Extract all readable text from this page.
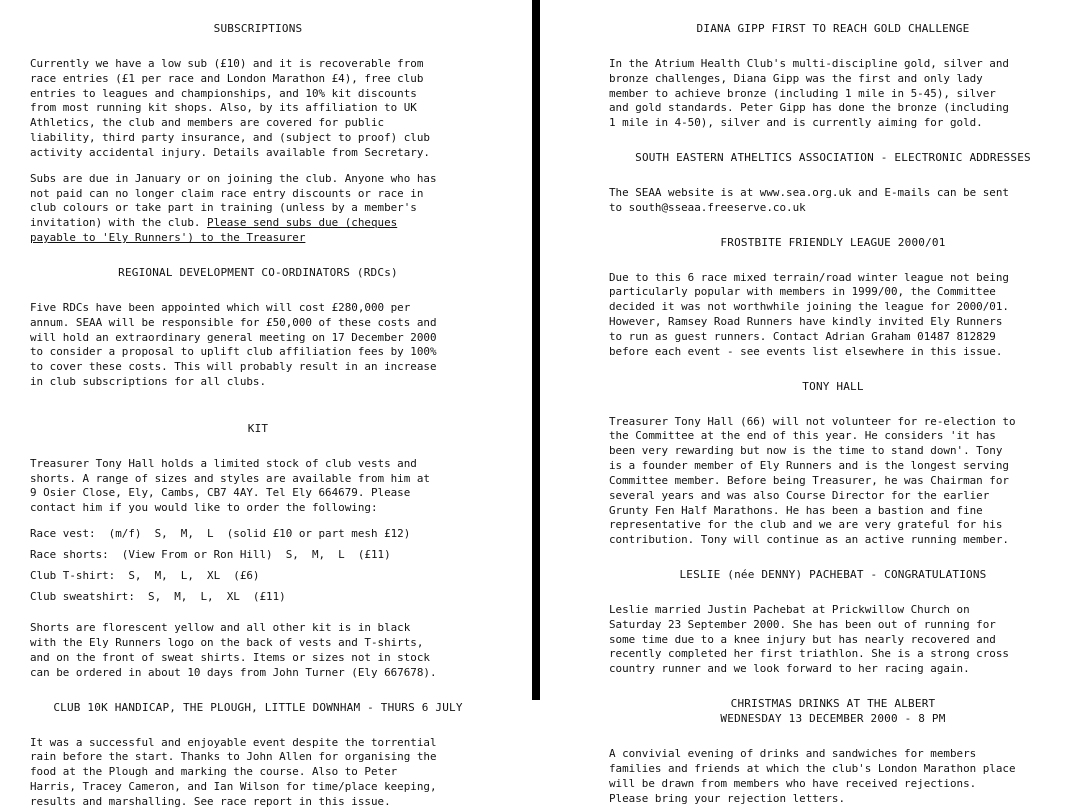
SUBSCRIPTIONS

Currently we have a low sub (£10) and it is recoverable from
race entries (£1 per race and London Marathon £4), free club
entries to leagues and championships, and 10% kit discounts
from most running kit shops. Also, by its affiliation to UK
Athletics, the club and members are covered for public
liability, third party insurance, and (subject to proof) club
activity accidental injury. Details available from Secretary.

Subs are due in January or on joining the club. Anyone who has
not paid can no longer claim race entry discounts or race in
club colours or take part in training (unless by a member's
invitation) with the club. Please send subs due (cheques
payable to 'Ely Runners') to the Treasurer

REGIONAL DEVELOPMENT CO-ORDINATORS (RDCs)

Five RDCs have been appointed which will cost £280,000 per
annum. SEAA will be responsible for £50,000 of these costs and
will hold an extraordinary general meeting on 17 December 2000
to consider a proposal to uplift club affiliation fees by 100%
to cover these costs. This will probably result in an increase
in club subscriptions for all clubs.

KIT

Treasurer Tony Hall holds a limited stock of club vests and
shorts. A range of sizes and styles are available from him at
9 Osier Close, Ely, Cambs, CB7 4AY. Tel Ely 664679. Please
contact him if you would like to order the following:

Race vest:  (m/f)  S,  M,  L  (solid £10 or part mesh £12)
Race shorts:  (View From or Ron Hill)  S,  M,  L  (£11)
Club T-shirt:  S,  M,  L,  XL  (£6)
Club sweatshirt:  S,  M,  L,  XL  (£11)

Shorts are florescent yellow and all other kit is in black
with the Ely Runners logo on the back of vests and T-shirts,
and on the front of sweat shirts. Items or sizes not in stock
can be ordered in about 10 days from John Turner (Ely 667678).

CLUB 10K HANDICAP, THE PLOUGH, LITTLE DOWNHAM - THURS 6 JULY

It was a successful and enjoyable event despite the torrential
rain before the start. Thanks to John Allen for organising the
food at the Plough and marking the course. Also to Peter
Harris, Tracey Cameron, and Ian Wilson for time/place keeping,
results and marshalling. See race report in this issue.

DIANA GIPP FIRST TO REACH GOLD CHALLENGE

In the Atrium Health Club's multi-discipline gold, silver and
bronze challenges, Diana Gipp was the first and only lady
member to achieve bronze (including 1 mile in 5-45), silver
and gold standards. Peter Gipp has done the bronze (including
1 mile in 4-50), silver and is currently aiming for gold.

SOUTH EASTERN ATHELTICS ASSOCIATION - ELECTRONIC ADDRESSES

The SEAA website is at www.sea.org.uk and E-mails can be sent
to south@sseaa.freeserve.co.uk

FROSTBITE FRIENDLY LEAGUE 2000/01

Due to this 6 race mixed terrain/road winter league not being
particularly popular with members in 1999/00, the Committee
decided it was not worthwhile joining the league for 2000/01.
However, Ramsey Road Runners have kindly invited Ely Runners
to run as guest runners. Contact Adrian Graham 01487 812829
before each event - see events list elsewhere in this issue.

TONY HALL

Treasurer Tony Hall (66) will not volunteer for re-election to
the Committee at the end of this year. He considers 'it has
been very rewarding but now is the time to stand down'. Tony
is a founder member of Ely Runners and is the longest serving
Committee member. Before being Treasurer, he was Chairman for
several years and was also Course Director for the earlier
Grunty Fen Half Marathons. He has been a bastion and fine
representative for the club and we are very grateful for his
contribution. Tony will continue as an active running member.

LESLIE (née DENNY) PACHEBAT - CONGRATULATIONS

Leslie married Justin Pachebat at Prickwillow Church on
Saturday 23 September 2000. She has been out of running for
some time due to a knee injury but has nearly recovered and
recently completed her first triathlon. She is a strong cross
country runner and we look forward to her racing again.

CHRISTMAS DRINKS AT THE ALBERT
WEDNESDAY 13 DECEMBER 2000 - 8 PM

A convivial evening of drinks and sandwiches for members
families and friends at which the club's London Marathon place
will be drawn from members who have received rejections.
Please bring your rejection letters.
